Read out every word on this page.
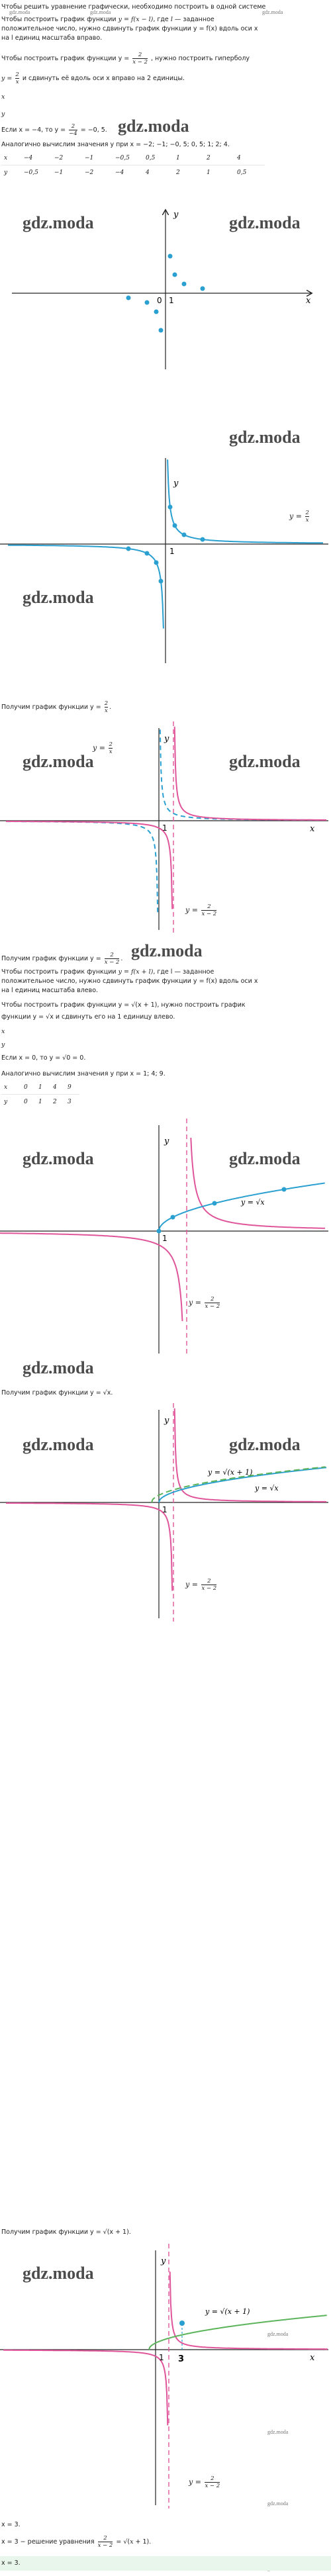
Чтобы решить уравнение графически, необходимо построить в одной системе
gdz.moda	gdz.moda	gdz.moda
Чтобы построить график функции y = f(x − l), где l — заданное
положительное число, нужно сдвинуть график функции y = f(x) вдоль оси x
на l единиц масштаба вправо.
Чтобы построить график функции $y = \frac{2}{x - 2}$ , нужно построить гиперболу
$y = \frac{2}{x}$ и сдвинуть её вдоль оси x вправо на 2 единицы.
x
y
Если x = −4, то $y = \frac{2}{-4} = -0$, 5. gdz.moda
Аналогично вычислим значения y при x = −2; −1; −0, 5; 0, 5; 1; 2; 4.
x	−4	−2	−1	−0,5	0,5	1	2	4
y	−0,5	−1	−2	−4	4	2	1	0,5
y
x
0 1
gdz.moda	gdz.moda
gdz.moda
y
1
$y = \frac{2}{x}$
gdz.moda
Получим график функции $y = \frac{2}{x}$ .
y
x
1
$y = \frac{2}{x}$
$y = \frac{2}{x - 2}$
gdz.moda	gdz.moda
Получим график функции $y = \frac{2}{x - 2}$ . gdz.moda
Чтобы построить график функции y = f(x + l), где l — заданное
положительное число, нужно сдвинуть график функции y = f(x) вдоль оси x
на l единиц масштаба влево.
Чтобы построить график функции y = √(x + 1), нужно построить график
функции y = √x и сдвинуть его на 1 единицу влево.
x
y
Если x = 0, то y = √0 = 0.
Аналогично вычислим значения y при x = 1; 4; 9.
x	0	1	4	9
y	0	1	2	3
y
1
y = √x
$y = \frac{2}{x - 2}$
gdz.moda	gdz.moda
gdz.moda
Получим график функции y = √x.
y
1
y = √(x + 1)
y = √x
$y = \frac{2}{x - 2}$
gdz.moda	gdz.moda
Получим график функции y = √(x + 1).
y
x
1 3
y = √(x + 1)
$y = \frac{2}{x - 2}$
gdz.moda
gdz.moda
gdz.moda
gdz.moda
x = 3.
x = 3 − решение уравнения $\frac{2}{x - 2} = √(x + 1)$.
x = 3.
